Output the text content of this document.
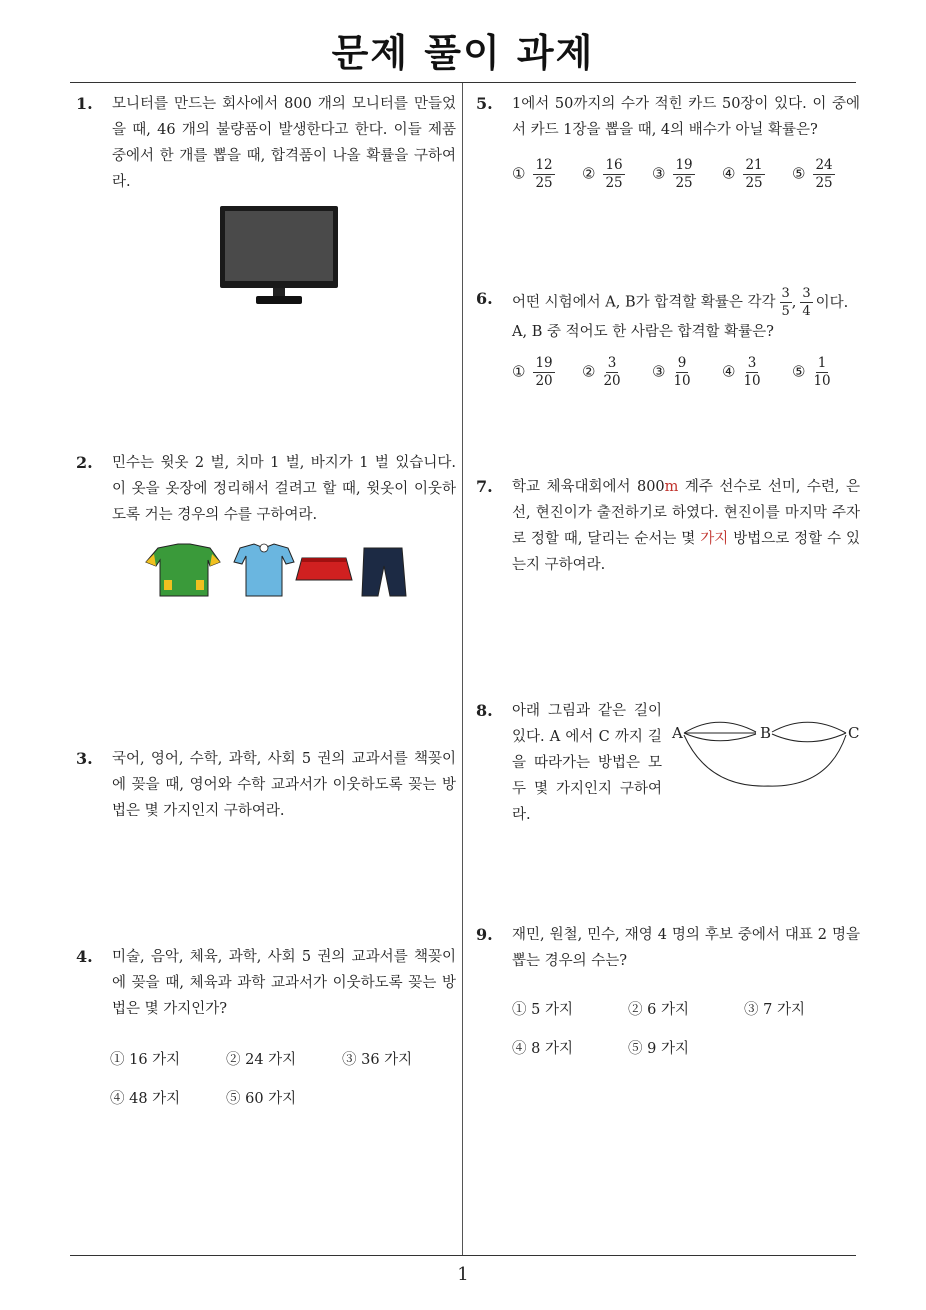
문제 풀이 과제
1. 모니터를 만드는 회사에서 800 개의 모니터를 만들었을 때, 46 개의 불량품이 발생한다고 한다. 이들 제품 중에서 한 개를 뽑을 때, 합격품이 나올 확률을 구하여라.
2. 민수는 윗옷 2 벌, 치마 1 벌, 바지가 1 벌 있습니다. 이 옷을 옷장에 정리해서 걸려고 할 때, 윗옷이 이웃하도록 거는 경우의 수를 구하여라.
3. 국어, 영어, 수학, 과학, 사회 5 권의 교과서를 책꽂이에 꽂을 때, 영어와 수학 교과서가 이웃하도록 꽂는 방법은 몇 가지인지 구하여라.
4. 미술, 음악, 체육, 과학, 사회 5 권의 교과서를 책꽂이에 꽂을 때, 체육과 과학 교과서가 이웃하도록 꽂는 방법은 몇 가지인가?
① 16 가지	② 24 가지	③ 36 가지
④ 48 가지	⑤ 60 가지
5. 1에서 50까지의 수가 적힌 카드 50장이 있다. 이 중에서 카드 1장을 뽑을 때, 4의 배수가 아닐 확률은?
① $\frac{12}{25}$ ② $\frac{16}{25}$ ③ $\frac{19}{25}$ ④ $\frac{21}{25}$ ⑤ $\frac{24}{25}$
6. 어떤 시험에서 A, B가 합격할 확률은 각각 $\frac{3}{5}$ , $\frac{3}{4}$ 이다.
A, B 중 적어도 한 사람은 합격할 확률은?
① $\frac{19}{20}$ ② $\frac{3}{20}$ ③ $\frac{9}{10}$ ④ $\frac{3}{10}$ ⑤ $\frac{1}{10}$
7. 학교 체육대회에서 800m 계주 선수로 선미, 수련, 은선, 현진이가 출전하기로 하였다. 현진이를 마지막 주자로 정할 때, 달리는 순서는 몇 가지 방법으로 정할 수 있는지 구하여라.
8. 아래 그림과 같은 길이 있다. A 에서 C 까지 길을 따라가는 방법은 모두 몇 가지인지 구하여라.
A	B	C
9. 재민, 원철, 민수, 재영 4 명의 후보 중에서 대표 2 명을 뽑는 경우의 수는?
① 5 가지	② 6 가지	③ 7 가지
④ 8 가지	⑤ 9 가지
1
